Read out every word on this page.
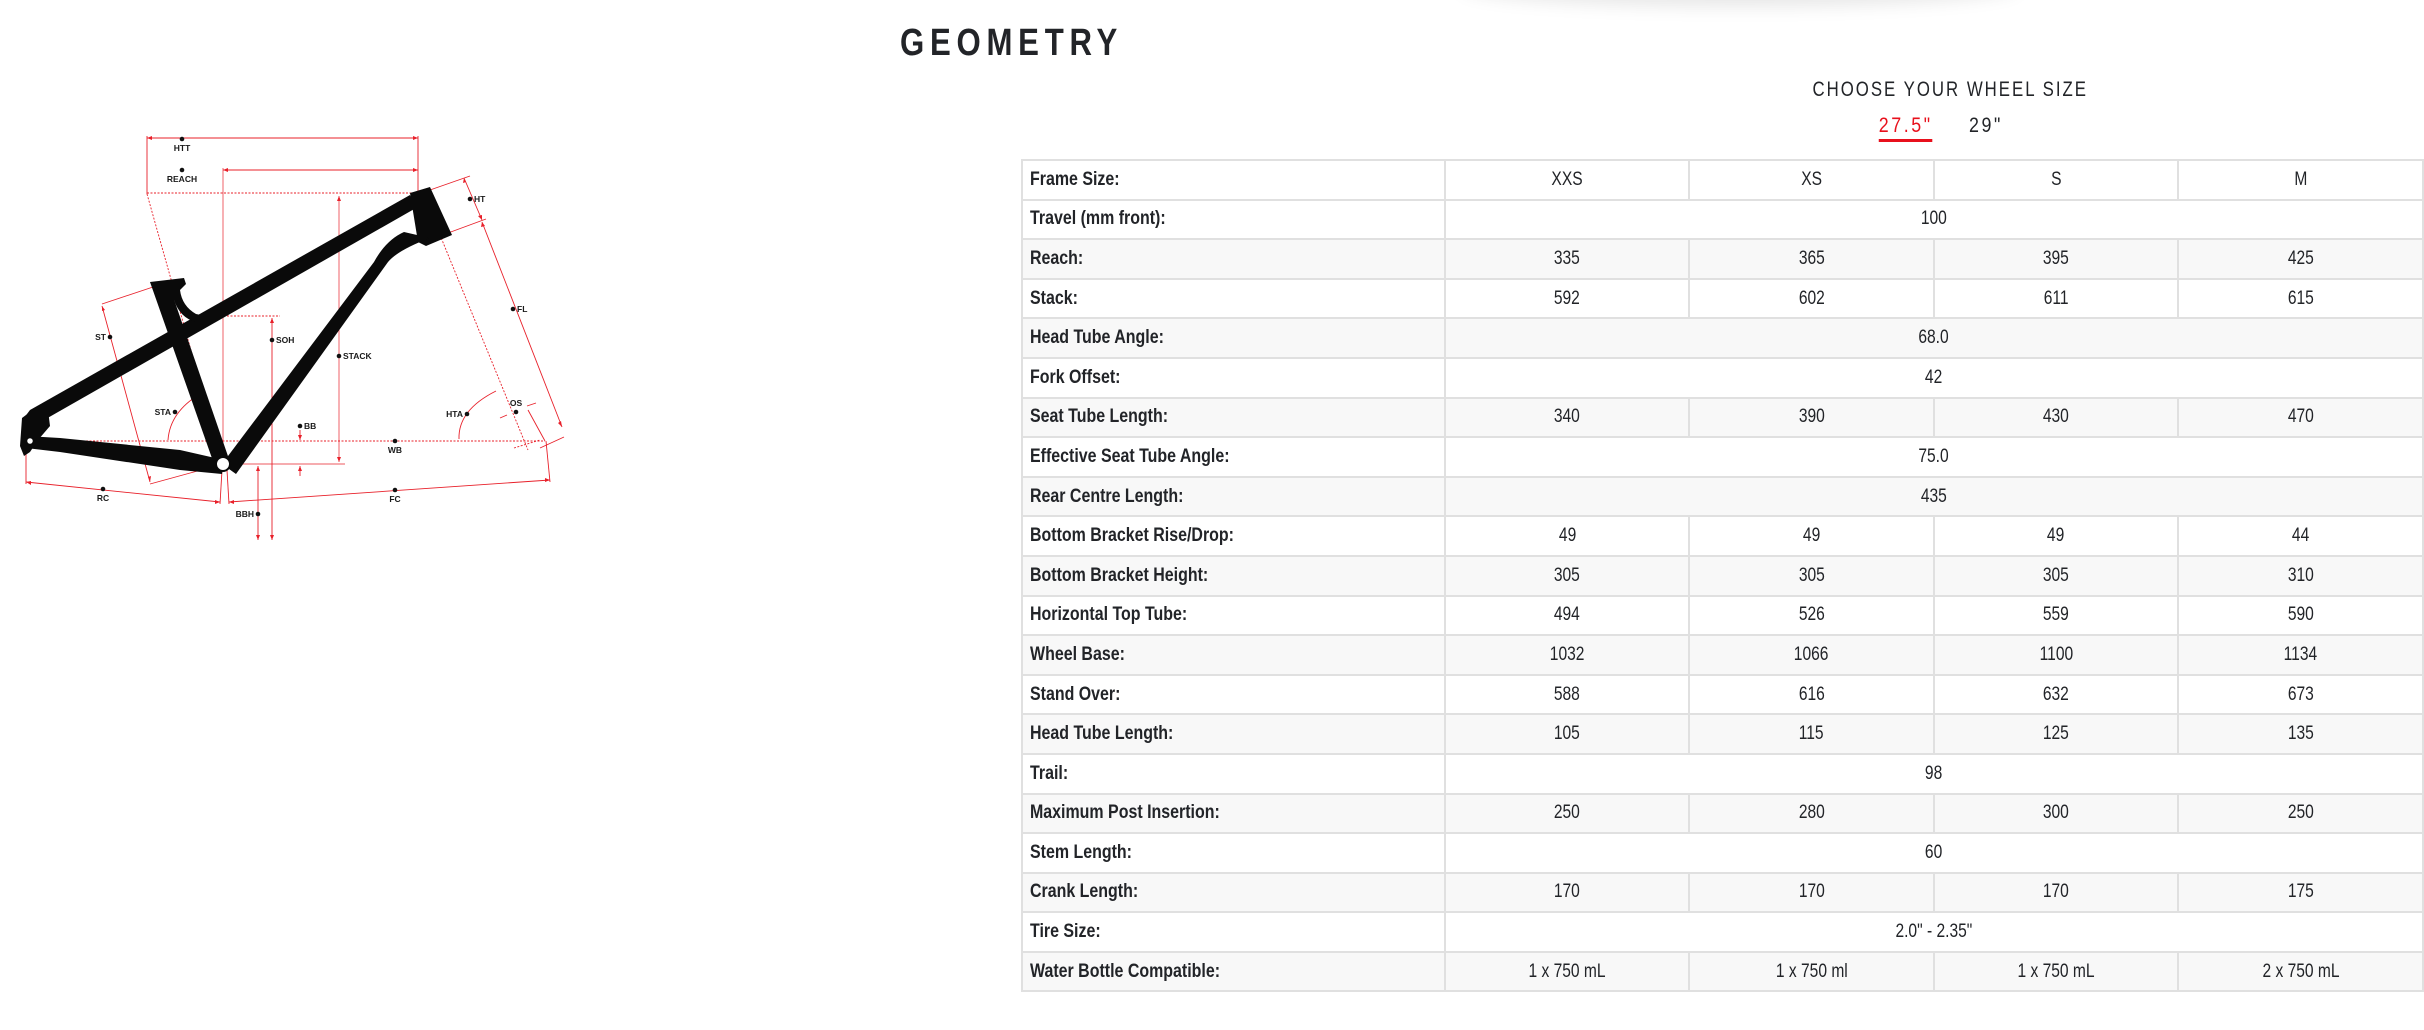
HTT
REACH
HT
ST	SOH
STACK
FL
STA	HTA
OS
BB
WB
RC	FC
BBH
GEOMETRY
CHOOSE YOUR WHEEL SIZE
27.5" 29"
Frame Size:	XXS	XS	S	M
Travel (mm front):	100			
Reach:	335	365	395	425
Stack:	592	602	611	615
Head Tube Angle:	68.0			
Fork Offset:	42			
Seat Tube Length:	340	390	430	470
Effective Seat Tube Angle:	75.0			
Rear Centre Length:	435			
Bottom Bracket Rise/Drop:	49	49	49	44
Bottom Bracket Height:	305	305	305	310
Horizontal Top Tube:	494	526	559	590
Wheel Base:	1032	1066	1100	1134
Stand Over:	588	616	632	673
Head Tube Length:	105	115	125	135
Trail:	98			
Maximum Post Insertion:	250	280	300	250
Stem Length:	60			
Crank Length:	170	170	170	175
Tire Size:	2.0" - 2.35"			
Water Bottle Compatible:	1 x 750 mL	1 x 750 ml	1 x 750 mL	2 x 750 mL
